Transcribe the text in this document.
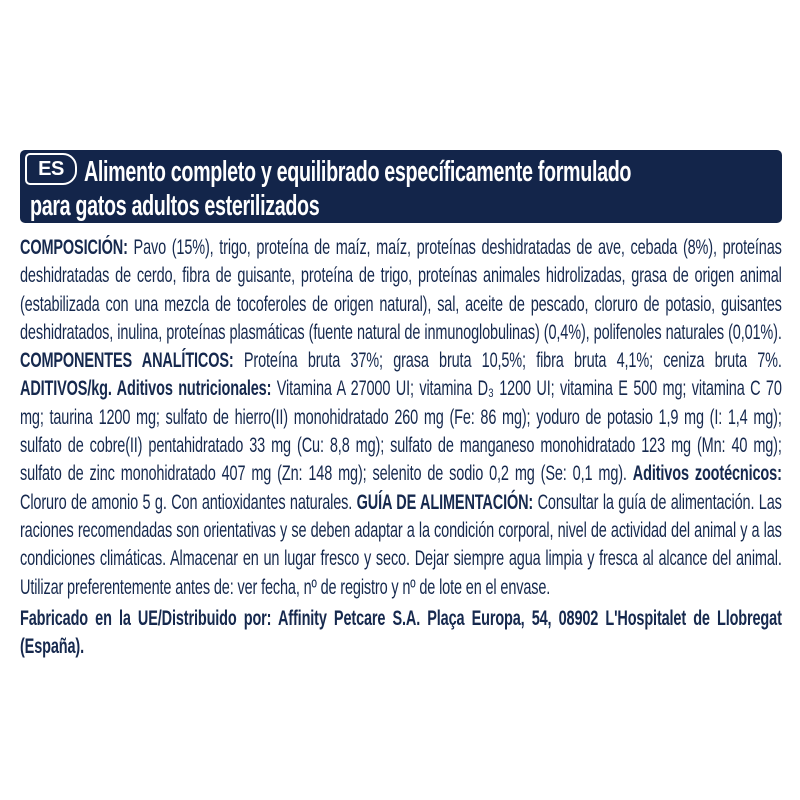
ES Alimento completo y equilibrado específicamente formulado
para gatos adultos esterilizados

COMPOSICIÓN: Pavo (15%), trigo, proteína de maíz, maíz, proteínas deshidratadas de ave, cebada (8%), proteínas deshidratadas de cerdo, fibra de guisante, proteína de trigo, proteínas animales hidrolizadas, grasa de origen animal (estabilizada con una mezcla de tocoferoles de origen natural), sal, aceite de pescado, cloruro de potasio, guisantes deshidratados, inulina, proteínas plasmáticas (fuente natural de inmunoglobulinas) (0,4%), polifenoles naturales (0,01%). COMPONENTES ANALÍTICOS: Proteína bruta 37%; grasa bruta 10,5%; fibra bruta 4,1%; ceniza bruta 7%. ADITIVOS/kg. Aditivos nutricionales: Vitamina A 27000 UI; vitamina D₃ 1200 UI; vitamina E 500 mg; vitamina C 70 mg; taurina 1200 mg; sulfato de hierro(II) monohidratado 260 mg (Fe: 86 mg); yoduro de potasio 1,9 mg (I: 1,4 mg); sulfato de cobre(II) pentahidratado 33 mg (Cu: 8,8 mg); sulfato de manganeso monohidratado 123 mg (Mn: 40 mg); sulfato de zinc monohidratado 407 mg (Zn: 148 mg); selenito de sodio 0,2 mg (Se: 0,1 mg). Aditivos zootécnicos: Cloruro de amonio 5 g. Con antioxidantes naturales. GUÍA DE ALIMENTACIÓN: Consultar la guía de alimentación. Las raciones recomendadas son orientativas y se deben adaptar a la condición corporal, nivel de actividad del animal y a las condiciones climáticas. Almacenar en un lugar fresco y seco. Dejar siempre agua limpia y fresca al alcance del animal. Utilizar preferentemente antes de: ver fecha, nº de registro y nº de lote en el envase.

Fabricado en la UE/Distribuido por: Affinity Petcare S.A. Plaça Europa, 54, 08902 L'Hospitalet de Llobregat (España).
